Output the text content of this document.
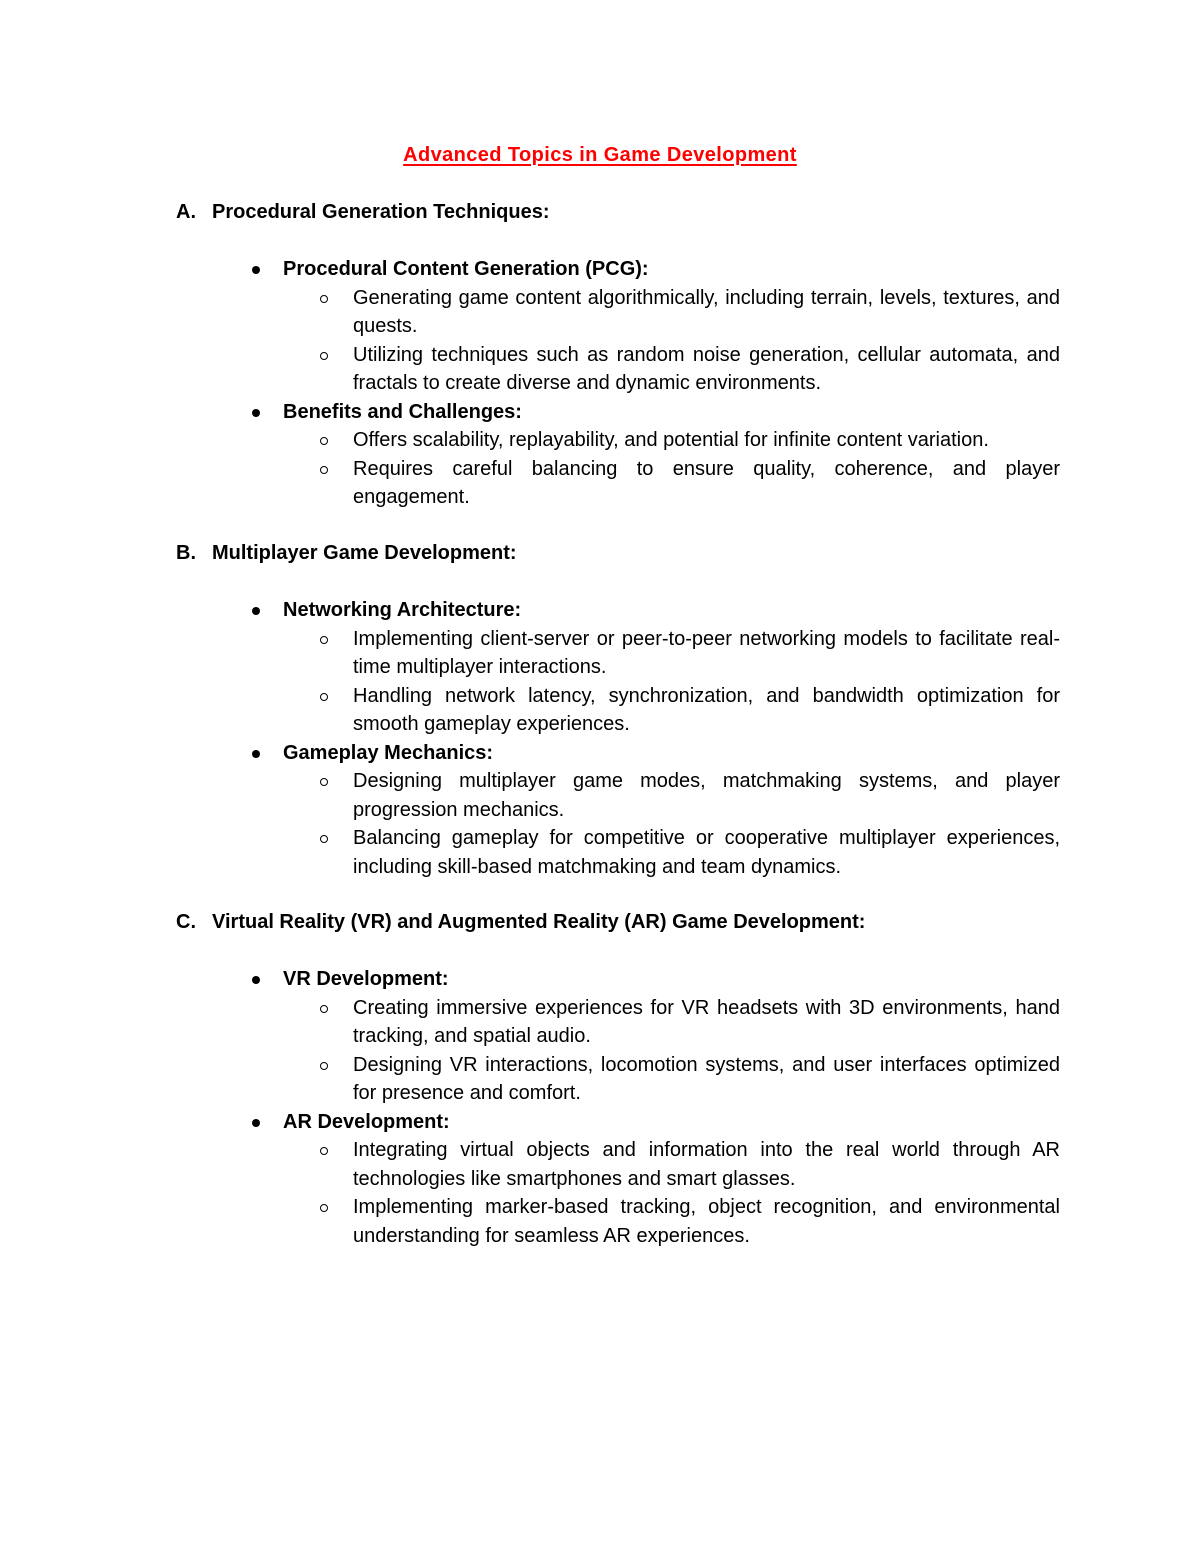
Advanced Topics in Game Development
A. Procedural Generation Techniques:
Procedural Content Generation (PCG):
Generating game content algorithmically, including terrain, levels, textures, and quests.
Utilizing techniques such as random noise generation, cellular automata, and fractals to create diverse and dynamic environments.
Benefits and Challenges:
Offers scalability, replayability, and potential for infinite content variation.
Requires careful balancing to ensure quality, coherence, and player engagement.
B. Multiplayer Game Development:
Networking Architecture:
Implementing client-server or peer-to-peer networking models to facilitate real-time multiplayer interactions.
Handling network latency, synchronization, and bandwidth optimization for smooth gameplay experiences.
Gameplay Mechanics:
Designing multiplayer game modes, matchmaking systems, and player progression mechanics.
Balancing gameplay for competitive or cooperative multiplayer experiences, including skill-based matchmaking and team dynamics.
C. Virtual Reality (VR) and Augmented Reality (AR) Game Development:
VR Development:
Creating immersive experiences for VR headsets with 3D environments, hand tracking, and spatial audio.
Designing VR interactions, locomotion systems, and user interfaces optimized for presence and comfort.
AR Development:
Integrating virtual objects and information into the real world through AR technologies like smartphones and smart glasses.
Implementing marker-based tracking, object recognition, and environmental understanding for seamless AR experiences.
